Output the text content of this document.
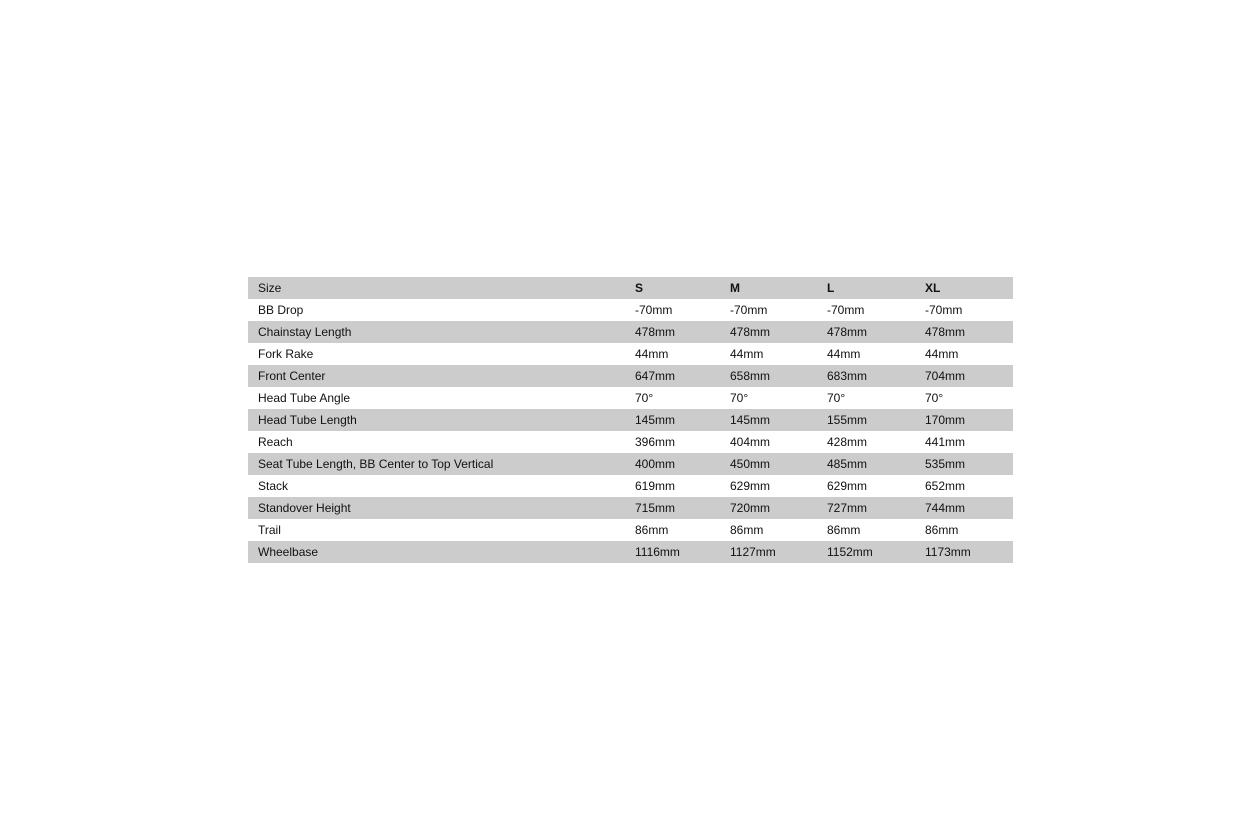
Size	S	M	L	XL
BB Drop	-70mm	-70mm	-70mm	-70mm
Chainstay Length	478mm	478mm	478mm	478mm
Fork Rake	44mm	44mm	44mm	44mm
Front Center	647mm	658mm	683mm	704mm
Head Tube Angle	70°	70°	70°	70°
Head Tube Length	145mm	145mm	155mm	170mm
Reach	396mm	404mm	428mm	441mm
Seat Tube Length, BB Center to Top Vertical	400mm	450mm	485mm	535mm
Stack	619mm	629mm	629mm	652mm
Standover Height	715mm	720mm	727mm	744mm
Trail	86mm	86mm	86mm	86mm
Wheelbase	1116mm	1127mm	1152mm	1173mm
